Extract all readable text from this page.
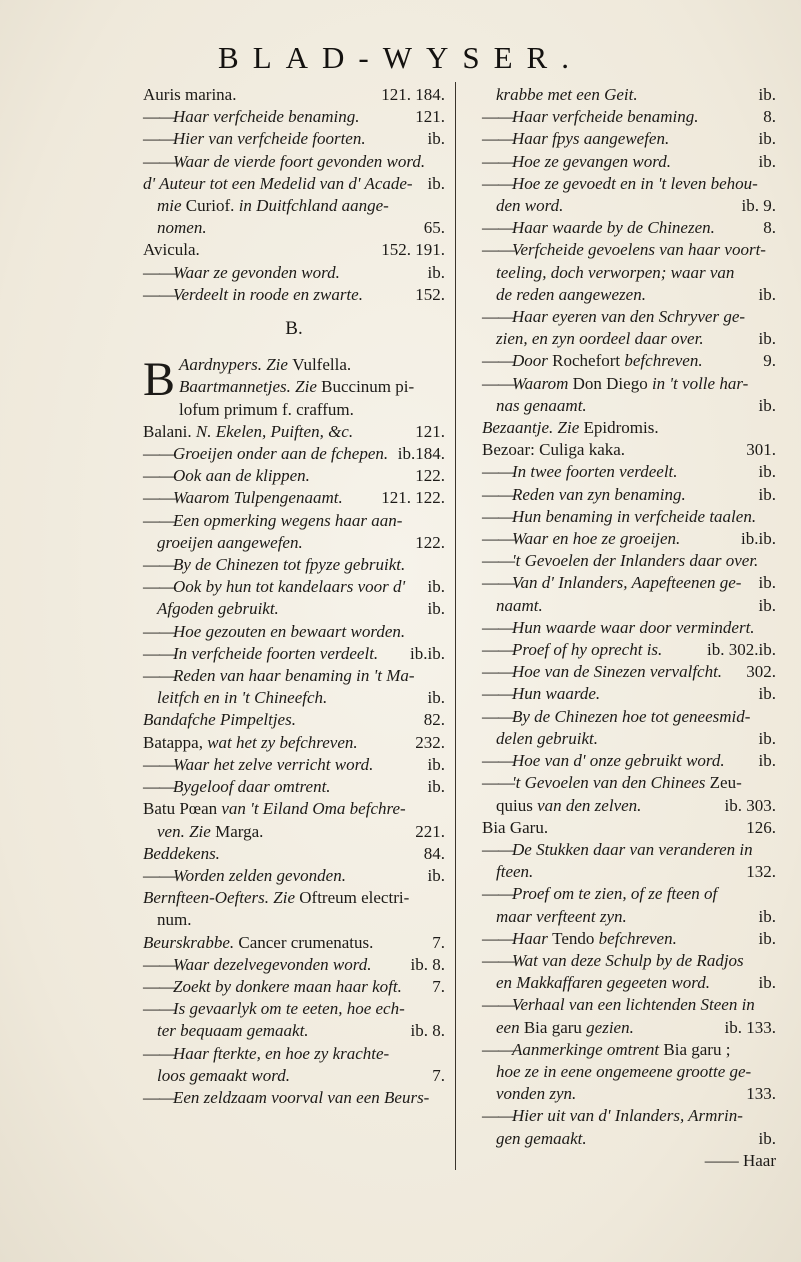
BLAD-WYSER.
121. 184.
Auris marina.
121.
——Haar verfcheide benaming.
ib.
——Hier van verfcheide foorten.
——Waar de vierde foort gevonden word.
ib.
d' Auteur tot een Medelid van d' Acade-
mie Curiof. in Duitfchland aange-
65.
nomen.
152. 191.
Avicula.
ib.
——Waar ze gevonden word.
152.
——Verdeelt in roode en zwarte.
B.
B Aardnypers. Zie Vulfella.
Baartmannetjes. Zie Buccinum pi-
lofum primum f. craffum.
121.
Balani. N. Ekelen, Puiften, &c.
184.
ib.
——Groeijen onder aan de fchepen.
122.
——Ook aan de klippen.
121. 122.
——Waarom Tulpengenaamt.
——Een opmerking wegens haar aan-
122.
groeijen aangewefen.
——By de Chinezen tot fpyze gebruikt.
ib.
——Ook by hun tot kandelaars voor d'
ib.
Afgoden gebruikt.
——Hoe gezouten en bewaart worden.
ib.
ib.
——In verfcheide foorten verdeelt.
——Reden van haar benaming in 't Ma-
ib.
leitfch en in 't Chineefch.
82.
Bandafche Pimpeltjes.
232.
Batappa, wat het zy befchreven.
ib.
——Waar het zelve verricht word.
ib.
——Bygeloof daar omtrent.
Batu Pœan van 't Eiland Oma befchre-
221.
ven. Zie Marga.
84.
Beddekens.
ib.
——Worden zelden gevonden.
Bernfteen-Oefters. Zie Oftreum electri-
num.
7.
Beurskrabbe. Cancer crumenatus.
ib. 8.
——Waar dezelvegevonden word.
7.
——Zoekt by donkere maan haar koft.
——Is gevaarlyk om te eeten, hoe ech-
ib. 8.
ter bequaam gemaakt.
——Haar fterkte, en hoe zy krachte-
7.
loos gemaakt word.
——Een zeldzaam voorval van een Beurs-
ib.
krabbe met een Geit.
8.
——Haar verfcheide benaming.
ib.
——Haar fpys aangewefen.
ib.
——Hoe ze gevangen word.
——Hoe ze gevoedt en in 't leven behou-
ib. 9.
den word.
8.
——Haar waarde by de Chinezen.
——Verfcheide gevoelens van haar voort-
teeling, doch verworpen; waar van
ib.
de reden aangewezen.
——Haar eyeren van den Schryver ge-
ib.
zien, en zyn oordeel daar over.
9.
——Door Rochefort befchreven.
——Waarom Don Diego in 't volle har-
ib.
nas genaamt.
Bezaantje. Zie Epidromis.
301.
Bezoar: Culiga kaka.
ib.
——In twee foorten verdeelt.
ib.
——Reden van zyn benaming.
——Hun benaming in verfcheide taalen.
ib.
ib.
——Waar en hoe ze groeijen.
——'t Gevoelen der Inlanders daar over.
ib.
——Van d' Inlanders, Aapefteenen ge-
ib.
naamt.
——Hun waarde waar door vermindert.
ib.
ib. 302.
——Proef of hy oprecht is.
302.
——Hoe van de Sinezen vervalfcht.
ib.
——Hun waarde.
——By de Chinezen hoe tot geneesmid-
ib.
delen gebruikt.
ib.
——Hoe van d' onze gebruikt word.
——'t Gevoelen van den Chinees Zeu-
ib. 303.
quius van den zelven.
126.
Bia Garu.
——De Stukken daar van veranderen in
132.
fteen.
——Proef om te zien, of ze fteen of
ib.
maar verfteent zyn.
ib.
——Haar Tendo befchreven.
——Wat van deze Schulp by de Radjos
ib.
en Makkaffaren gegeeten word.
——Verhaal van een lichtenden Steen in
ib. 133.
een Bia garu gezien.
——Aanmerkinge omtrent Bia garu ;
hoe ze in eene ongemeene grootte ge-
133.
vonden zyn.
——Hier uit van d' Inlanders, Armrin-
ib.
gen gemaakt.
—— Haar
